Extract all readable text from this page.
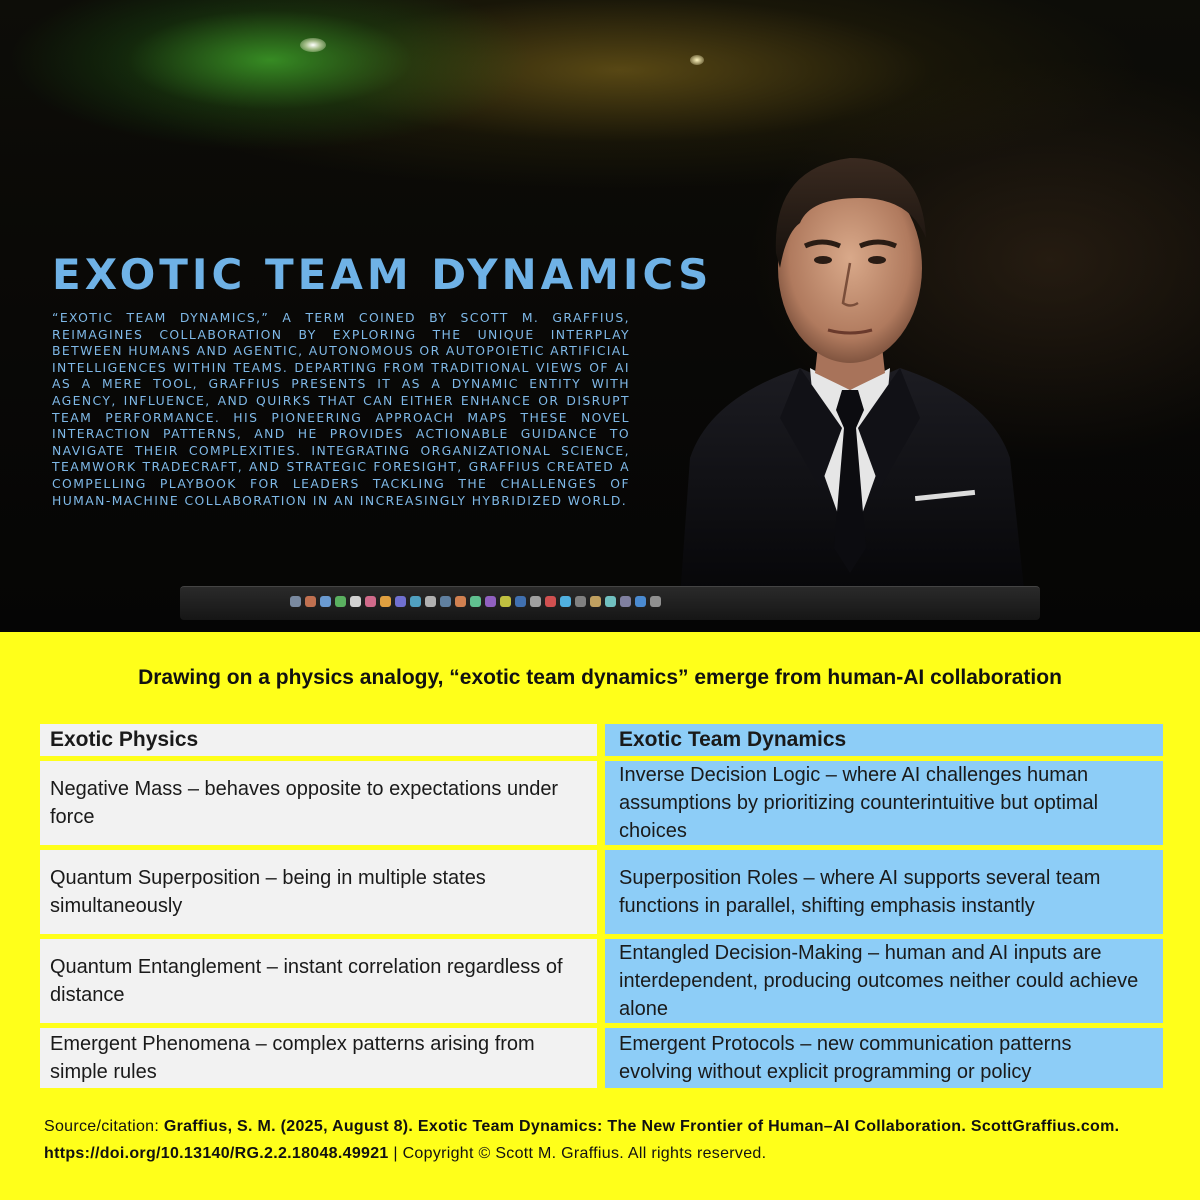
EXOTIC TEAM DYNAMICS
“EXOTIC TEAM DYNAMICS,” A TERM COINED BY SCOTT M. GRAFFIUS, REIMAGINES COLLABORATION BY EXPLORING THE UNIQUE INTERPLAY BETWEEN HUMANS AND AGENTIC, AUTONOMOUS OR AUTOPOIETIC ARTIFICIAL INTELLIGENCES WITHIN TEAMS. DEPARTING FROM TRADITIONAL VIEWS OF AI AS A MERE TOOL, GRAFFIUS PRESENTS IT AS A DYNAMIC ENTITY WITH AGENCY, INFLUENCE, AND QUIRKS THAT CAN EITHER ENHANCE OR DISRUPT TEAM PERFORMANCE. HIS PIONEERING APPROACH MAPS THESE NOVEL INTERACTION PATTERNS, AND HE PROVIDES ACTIONABLE GUIDANCE TO NAVIGATE THEIR COMPLEXITIES. INTEGRATING ORGANIZATIONAL SCIENCE, TEAMWORK TRADECRAFT, AND STRATEGIC FORESIGHT, GRAFFIUS CREATED A COMPELLING PLAYBOOK FOR LEADERS TACKLING THE CHALLENGES OF HUMAN-MACHINE COLLABORATION IN AN INCREASINGLY HYBRIDIZED WORLD.
Drawing on a physics analogy, “exotic team dynamics” emerge from human-AI collaboration
Exotic Physics	Exotic Team Dynamics
Negative Mass – behaves opposite to expectations under force
Inverse Decision Logic – where AI challenges human assumptions by prioritizing counterintuitive but optimal choices
Quantum Superposition – being in multiple states simultaneously
Superposition Roles – where AI supports several team functions in parallel, shifting emphasis instantly
Quantum Entanglement – instant correlation regardless of distance
Entangled Decision-Making – human and AI inputs are interdependent, producing outcomes neither could achieve alone
Emergent Phenomena – complex patterns arising from simple rules
Emergent Protocols – new communication patterns evolving without explicit programming or policy
Source/citation: Graffius, S. M. (2025, August 8). Exotic Team Dynamics: The New Frontier of Human–AI Collaboration. ScottGraffius.com. https://doi.org/10.13140/RG.2.2.18048.49921 | Copyright © Scott M. Graffius. All rights reserved.
